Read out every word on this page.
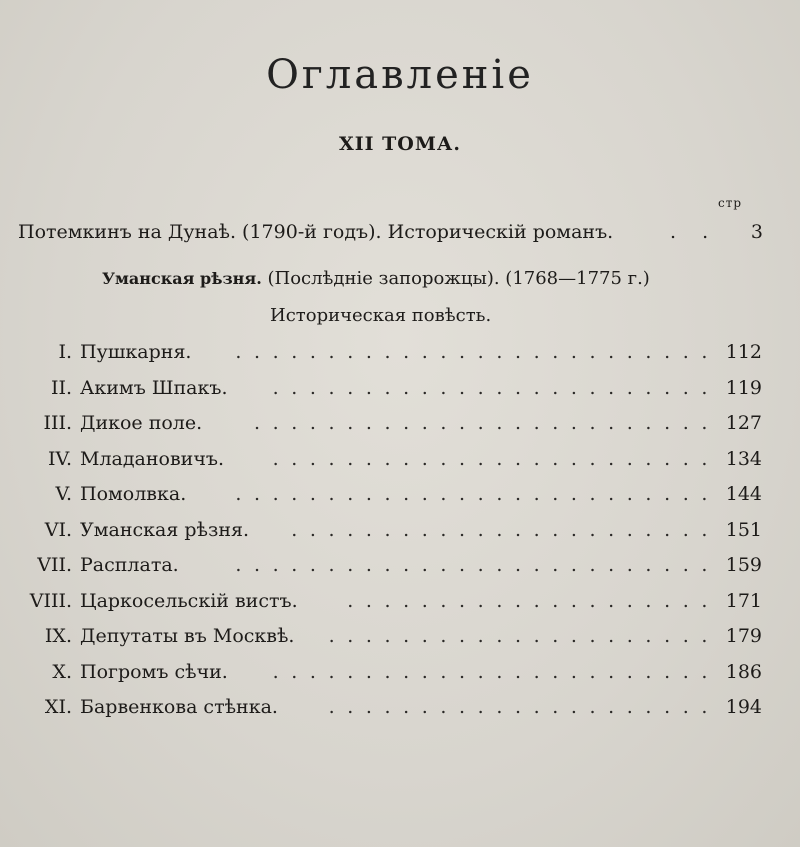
Оглавленіе
XII ТОМА.
стр
Потемкинъ на Дунаѣ. (1790-й годъ). Историческій романъ.	. . 3
Уманская рѣзня. (Послѣдніе запорожцы). (1768—1775 г.)
Историческая повѣсть.
I. Пушкарня. .......................... 112
II. Акимъ Шпакъ. ........................ 119
III. Дикое поле.	......................... 127
IV. Младановичъ.	........................ 134
V. Помолвка.	.......................... 144
VI. Уманская рѣзня. ....................... 151
VII. Расплата.	.......................... 159
VIII. Царкосельскій вистъ.	.................... 171
IX. Депутаты въ Москвѣ. ..................... 179
X. Погромъ сѣчи. ........................ 186
XI. Барвенкова стѣнка.	..................... 194
